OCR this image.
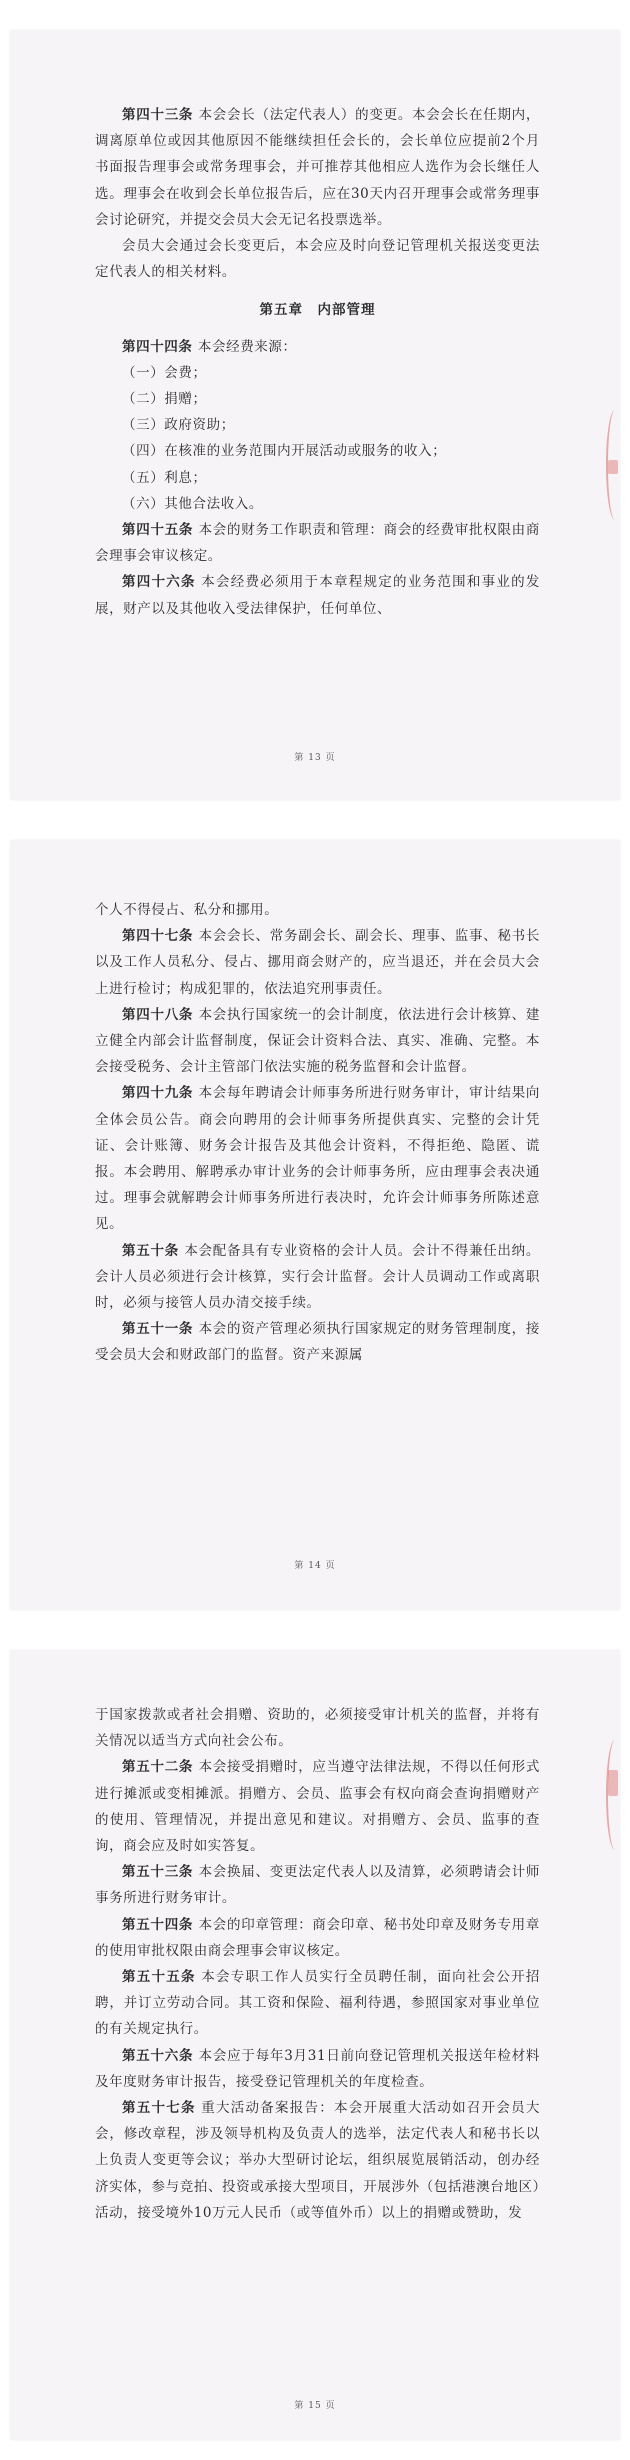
第四十三条 本会会长（法定代表人）的变更。本会会长在任期内，调离原单位或因其他原因不能继续担任会长的，会长单位应提前2个月书面报告理事会或常务理事会，并可推荐其他相应人选作为会长继任人选。理事会在收到会长单位报告后，应在30天内召开理事会或常务理事会讨论研究，并提交会员大会无记名投票选举。

会员大会通过会长变更后，本会应及时向登记管理机关报送变更法定代表人的相关材料。

第五章　内部管理

第四十四条 本会经费来源：

（一）会费；
（二）捐赠；
（三）政府资助；
（四）在核准的业务范围内开展活动或服务的收入；
（五）利息；
（六）其他合法收入。

第四十五条 本会的财务工作职责和管理：商会的经费审批权限由商会理事会审议核定。

第四十六条 本会经费必须用于本章程规定的业务范围和事业的发展，财产以及其他收入受法律保护，任何单位、

第 13 页

个人不得侵占、私分和挪用。

第四十七条 本会会长、常务副会长、副会长、理事、监事、秘书长以及工作人员私分、侵占、挪用商会财产的，应当退还，并在会员大会上进行检讨；构成犯罪的，依法追究刑事责任。

第四十八条 本会执行国家统一的会计制度，依法进行会计核算、建立健全内部会计监督制度，保证会计资料合法、真实、准确、完整。本会接受税务、会计主管部门依法实施的税务监督和会计监督。

第四十九条 本会每年聘请会计师事务所进行财务审计，审计结果向全体会员公告。商会向聘用的会计师事务所提供真实、完整的会计凭证、会计账簿、财务会计报告及其他会计资料，不得拒绝、隐匿、谎报。本会聘用、解聘承办审计业务的会计师事务所，应由理事会表决通过。理事会就解聘会计师事务所进行表决时，允许会计师事务所陈述意见。

第五十条 本会配备具有专业资格的会计人员。会计不得兼任出纳。会计人员必须进行会计核算，实行会计监督。会计人员调动工作或离职时，必须与接管人员办清交接手续。

第五十一条 本会的资产管理必须执行国家规定的财务管理制度，接受会员大会和财政部门的监督。资产来源属

第 14 页

于国家拨款或者社会捐赠、资助的，必须接受审计机关的监督，并将有关情况以适当方式向社会公布。

第五十二条 本会接受捐赠时，应当遵守法律法规，不得以任何形式进行摊派或变相摊派。捐赠方、会员、监事会有权向商会查询捐赠财产的使用、管理情况，并提出意见和建议。对捐赠方、会员、监事的查询，商会应及时如实答复。

第五十三条 本会换届、变更法定代表人以及清算，必须聘请会计师事务所进行财务审计。

第五十四条 本会的印章管理：商会印章、秘书处印章及财务专用章的使用审批权限由商会理事会审议核定。

第五十五条 本会专职工作人员实行全员聘任制，面向社会公开招聘，并订立劳动合同。其工资和保险、福利待遇，参照国家对事业单位的有关规定执行。

第五十六条 本会应于每年3月31日前向登记管理机关报送年检材料及年度财务审计报告，接受登记管理机关的年度检查。

第五十七条 重大活动备案报告：本会开展重大活动如召开会员大会，修改章程，涉及领导机构及负责人的选举，法定代表人和秘书长以上负责人变更等会议；举办大型研讨论坛，组织展览展销活动，创办经济实体，参与竞拍、投资或承接大型项目，开展涉外（包括港澳台地区）活动，接受境外10万元人民币（或等值外币）以上的捐赠或赞助，发

第 15 页
